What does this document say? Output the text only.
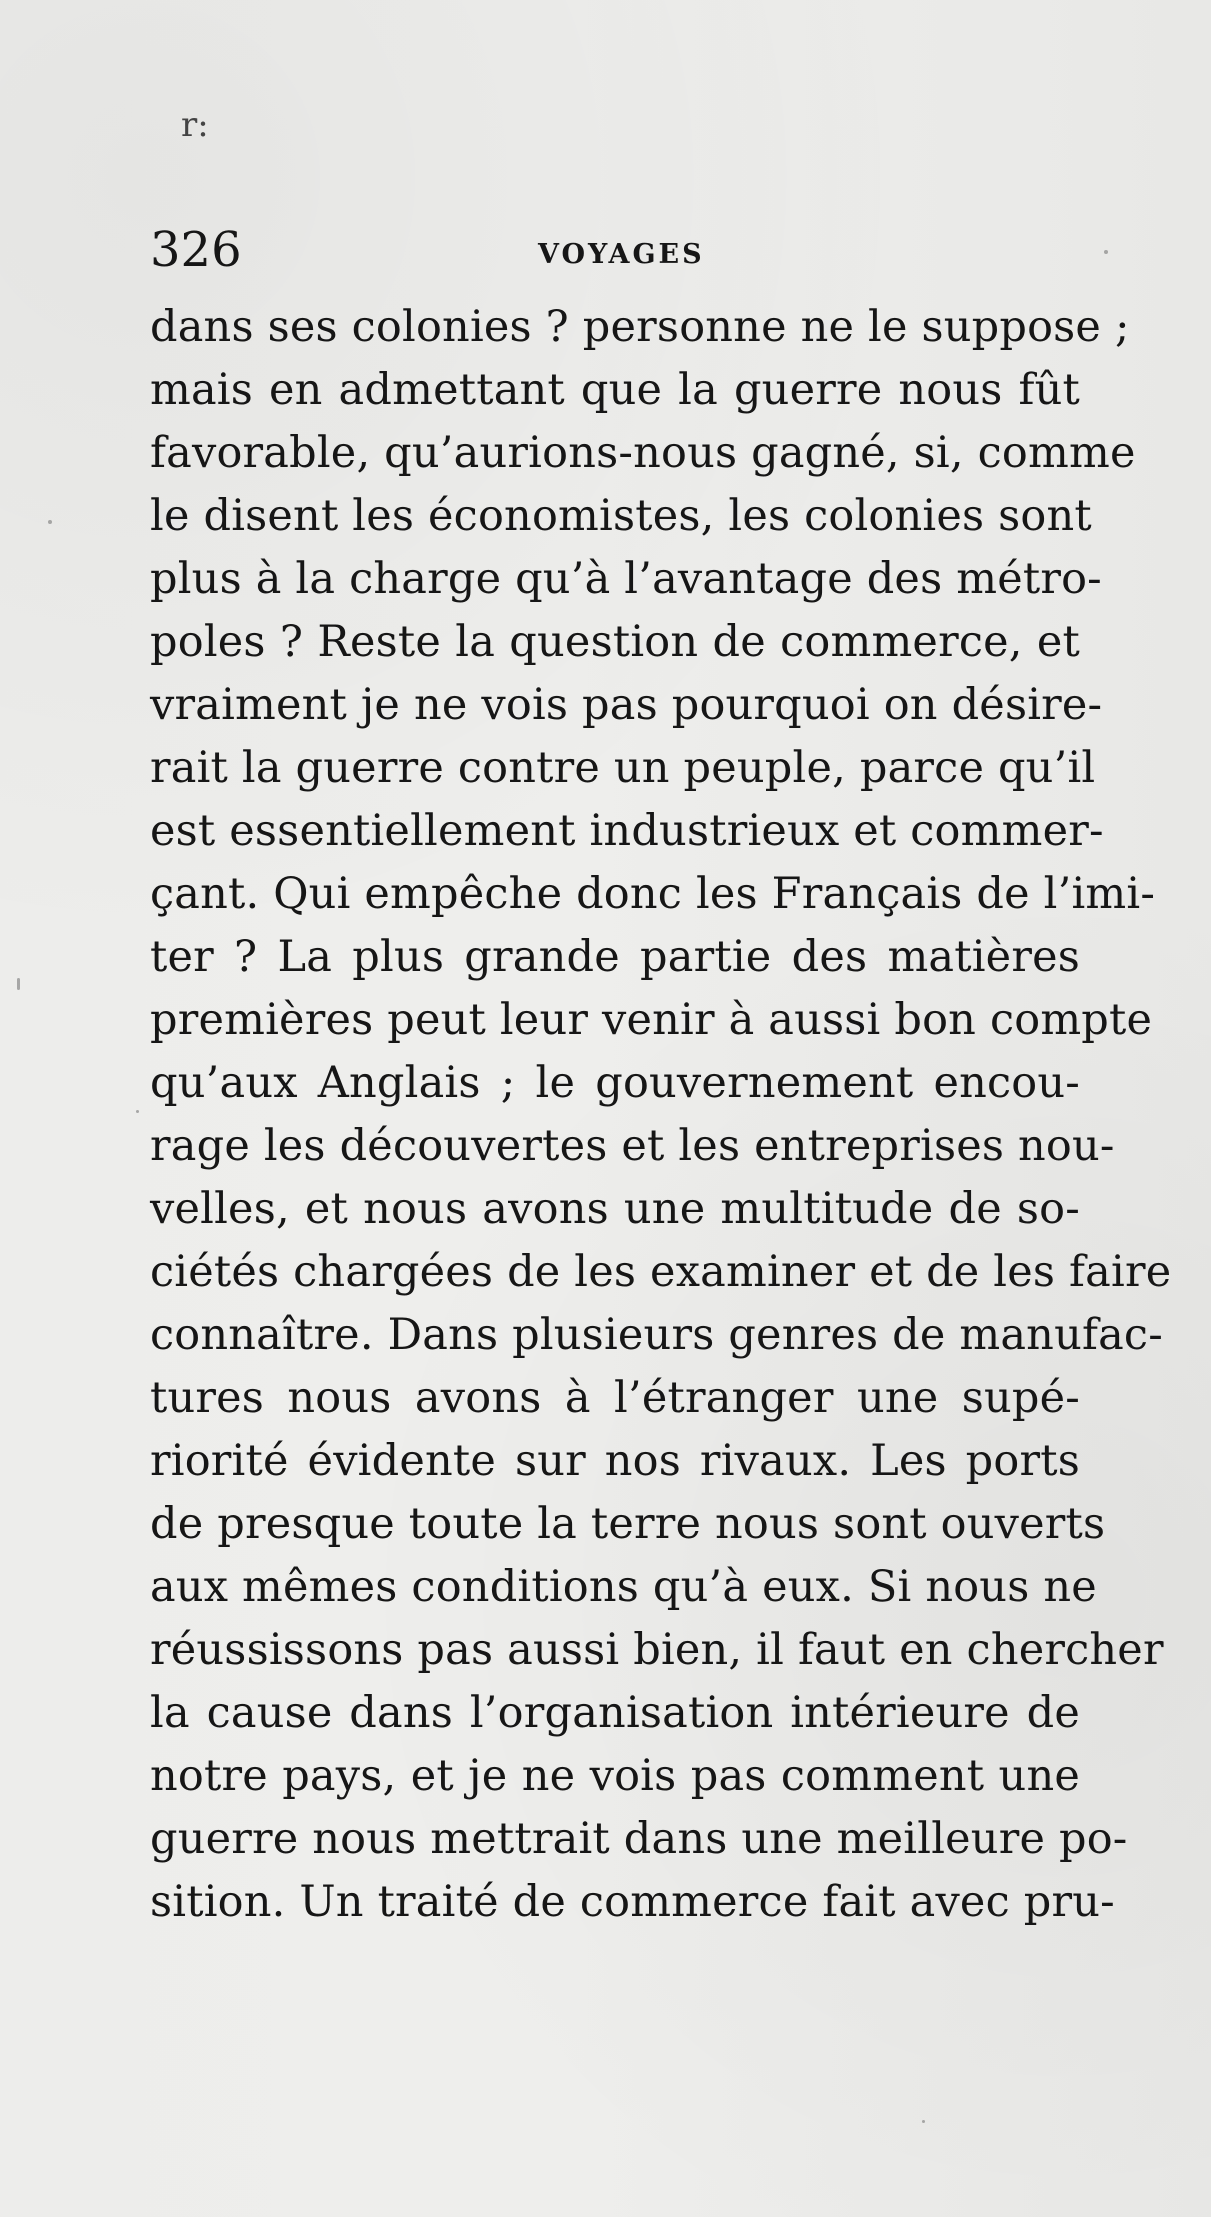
r:
326	VOYAGES
dans ses colonies ? personne ne le suppose ;
mais en admettant que la guerre nous fût
favorable, qu’aurions-nous gagné, si, comme
le disent les économistes, les colonies sont
plus à la charge qu’à l’avantage des métro-
poles ? Reste la question de commerce, et
vraiment je ne vois pas pourquoi on désire-
rait la guerre contre un peuple, parce qu’il
est essentiellement industrieux et commer-
çant. Qui empêche donc les Français de l’imi-
ter ? La plus grande partie des matières
premières peut leur venir à aussi bon compte
qu’aux Anglais ; le gouvernement encou-
rage les découvertes et les entreprises nou-
velles, et nous avons une multitude de so-
ciétés chargées de les examiner et de les faire
connaître. Dans plusieurs genres de manufac-
tures nous avons à l’étranger une supé-
riorité évidente sur nos rivaux. Les ports
de presque toute la terre nous sont ouverts
aux mêmes conditions qu’à eux. Si nous ne
réussissons pas aussi bien, il faut en chercher
la cause dans l’organisation intérieure de
notre pays, et je ne vois pas comment une
guerre nous mettrait dans une meilleure po-
sition. Un traité de commerce fait avec pru-
